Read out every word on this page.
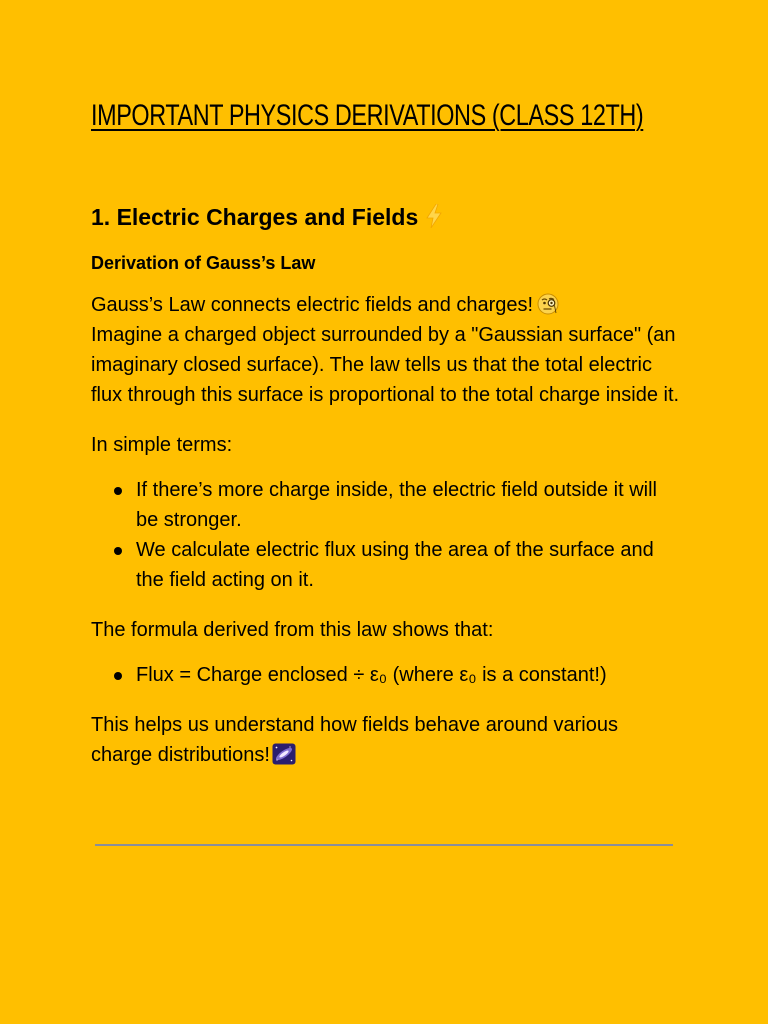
IMPORTANT PHYSICS DERIVATIONS (CLASS 12TH)
1. Electric Charges and Fields
Derivation of Gauss’s Law

Gauss’s Law connects electric fields and charges!
Imagine a charged object surrounded by a "Gaussian surface" (an imaginary closed surface). The law tells us that the total electric flux through this surface is proportional to the total charge inside it.

In simple terms:

If there’s more charge inside, the electric field outside it will be stronger.
We calculate electric flux using the area of the surface and the field acting on it.

The formula derived from this law shows that:

Flux = Charge enclosed ÷ ε₀ (where ε₀ is a constant!)

This helps us understand how fields behave around various charge distributions!
